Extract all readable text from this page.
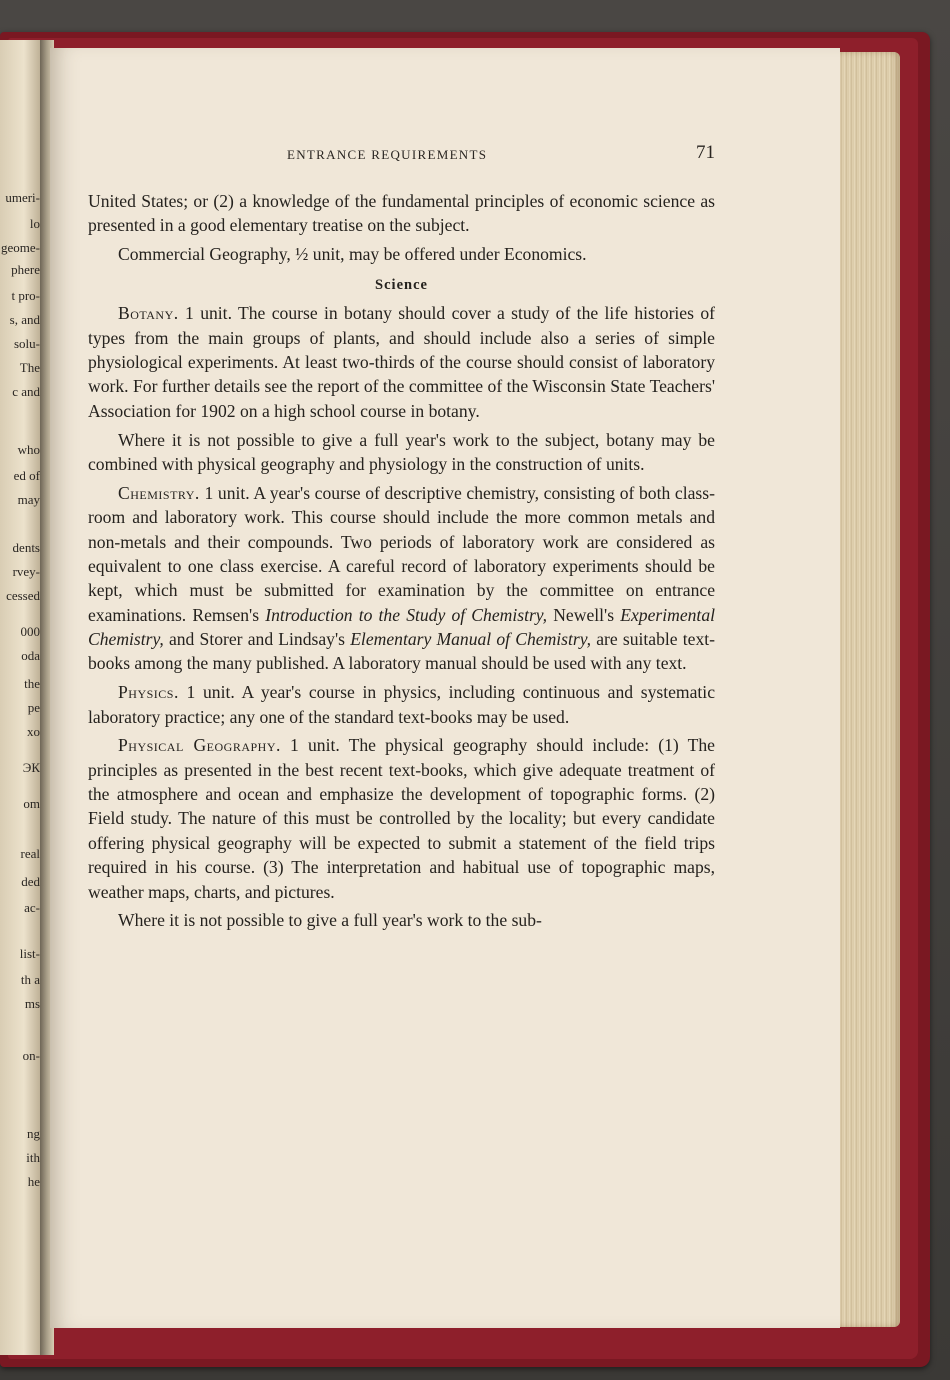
umeri-
lo
geome-
phere
t pro-
s, and
solu-
The
c and
who
ed of
may
dents
rvey-
cessed
000
oda
the
pe
xo
ЭК
om
real
ded
ac-
list-
th a
ms
on-
ng
ith
he
ENTRANCE REQUIREMENTS	71

United States; or (2) a knowledge of the fundamental principles of economic science as presented in a good elementary treatise on the subject.

Commercial Geography, ½ unit, may be offered under Economics.

Science

Botany. 1 unit. The course in botany should cover a study of the life histories of types from the main groups of plants, and should include also a series of simple physiological experiments. At least two-thirds of the course should consist of laboratory work. For further details see the report of the committee of the Wisconsin State Teachers' Association for 1902 on a high school course in botany.

Where it is not possible to give a full year's work to the subject, botany may be combined with physical geography and physiology in the construction of units.

Chemistry. 1 unit. A year's course of descriptive chemistry, consisting of both class-room and laboratory work. This course should include the more common metals and non-metals and their compounds. Two periods of laboratory work are considered as equivalent to one class exercise. A careful record of laboratory experiments should be kept, which must be submitted for examination by the committee on entrance examinations. Remsen's Introduction to the Study of Chemistry, Newell's Experimental Chemistry, and Storer and Lindsay's Elementary Manual of Chemistry, are suitable text-books among the many published. A laboratory manual should be used with any text.

Physics. 1 unit. A year's course in physics, including continuous and systematic laboratory practice; any one of the standard text-books may be used.

Physical Geography. 1 unit. The physical geography should include: (1) The principles as presented in the best recent text-books, which give adequate treatment of the atmosphere and ocean and emphasize the development of topographic forms. (2) Field study. The nature of this must be controlled by the locality; but every candidate offering physical geography will be expected to submit a statement of the field trips required in his course. (3) The interpretation and habitual use of topographic maps, weather maps, charts, and pictures.

Where it is not possible to give a full year's work to the sub-
